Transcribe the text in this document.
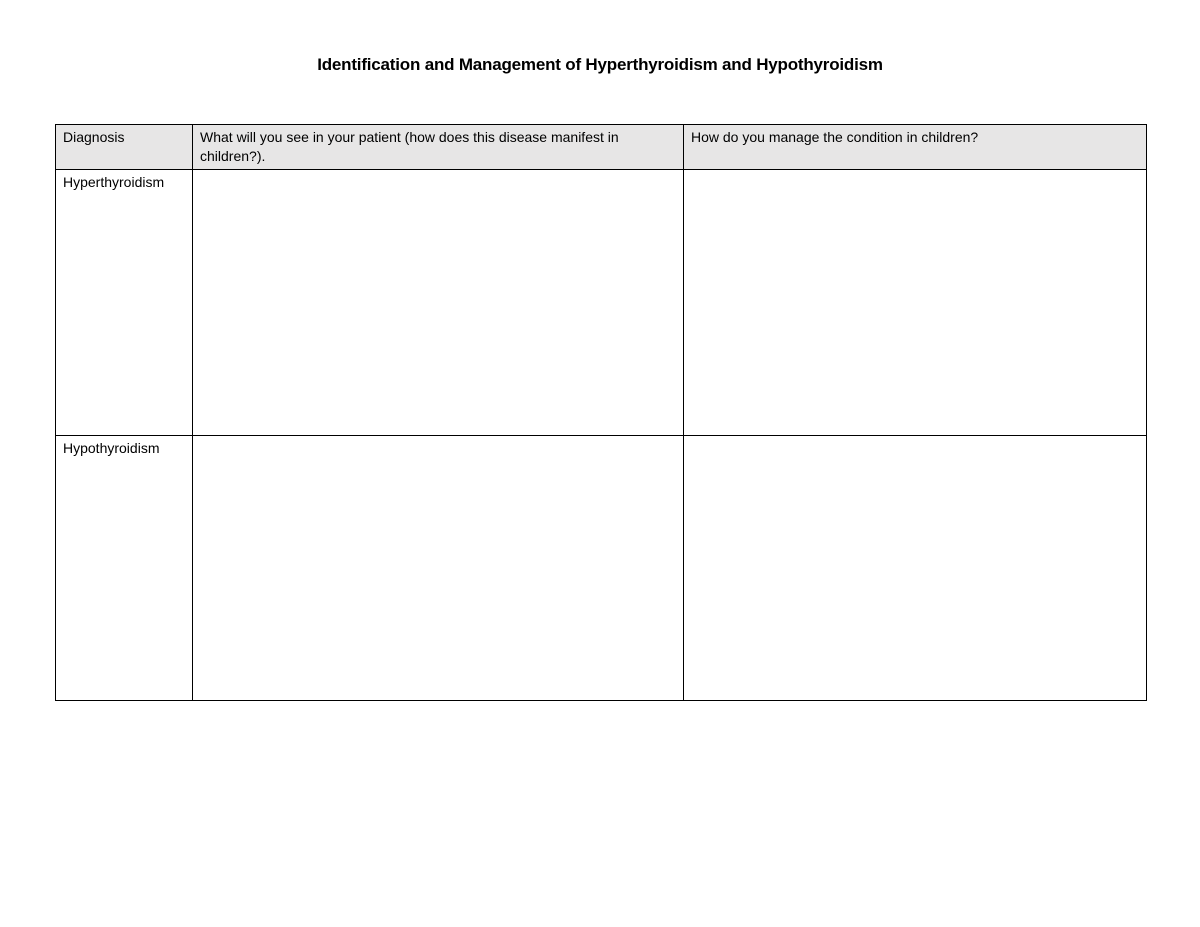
Identification and Management of Hyperthyroidism and Hypothyroidism
Diagnosis	What will you see in your patient (how does this disease manifest in children?).	How do you manage the condition in children?
Hyperthyroidism		
Hypothyroidism		
